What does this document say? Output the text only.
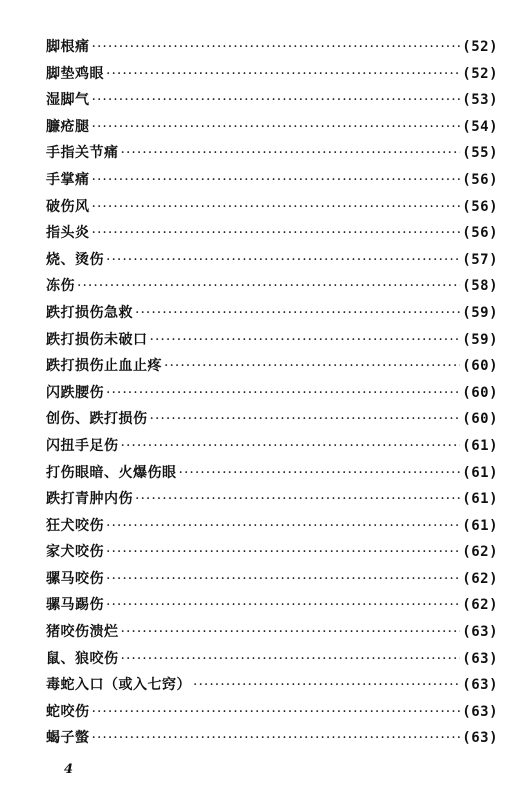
脚根痛 ·····	(52)
脚垫鸡眼 ·····	(52)
湿脚气 ·····	(53)
臁疮腿 ·····	(54)
手指关节痛 ·····	(55)
手掌痛 ·····	(56)
破伤风 ·····	(56)
指头炎 ·····	(56)
烧、烫伤 ·····	(57)
冻伤 ·····	(58)
跌打损伤急救 ·····	(59)
跌打损伤未破口 ·····	(59)
跌打损伤止血止疼 ·····	(60)
闪跌腰伤 ·····	(60)
创伤、跌打损伤 ·····	(60)
闪扭手足伤 ·····	(61)
打伤眼暗、火爆伤眼 ·····	(61)
跌打青肿内伤 ·····	(61)
狂犬咬伤 ·····	(61)
家犬咬伤 ·····	(62)
骡马咬伤 ·····	(62)
骡马踢伤 ·····	(62)
猪咬伤溃烂 ·····	(63)
鼠、狼咬伤 ·····	(63)
毒蛇入口（或入七窍） ·····	(63)
蛇咬伤 ·····	(63)
蝎子螫 ·····	(63)
4
